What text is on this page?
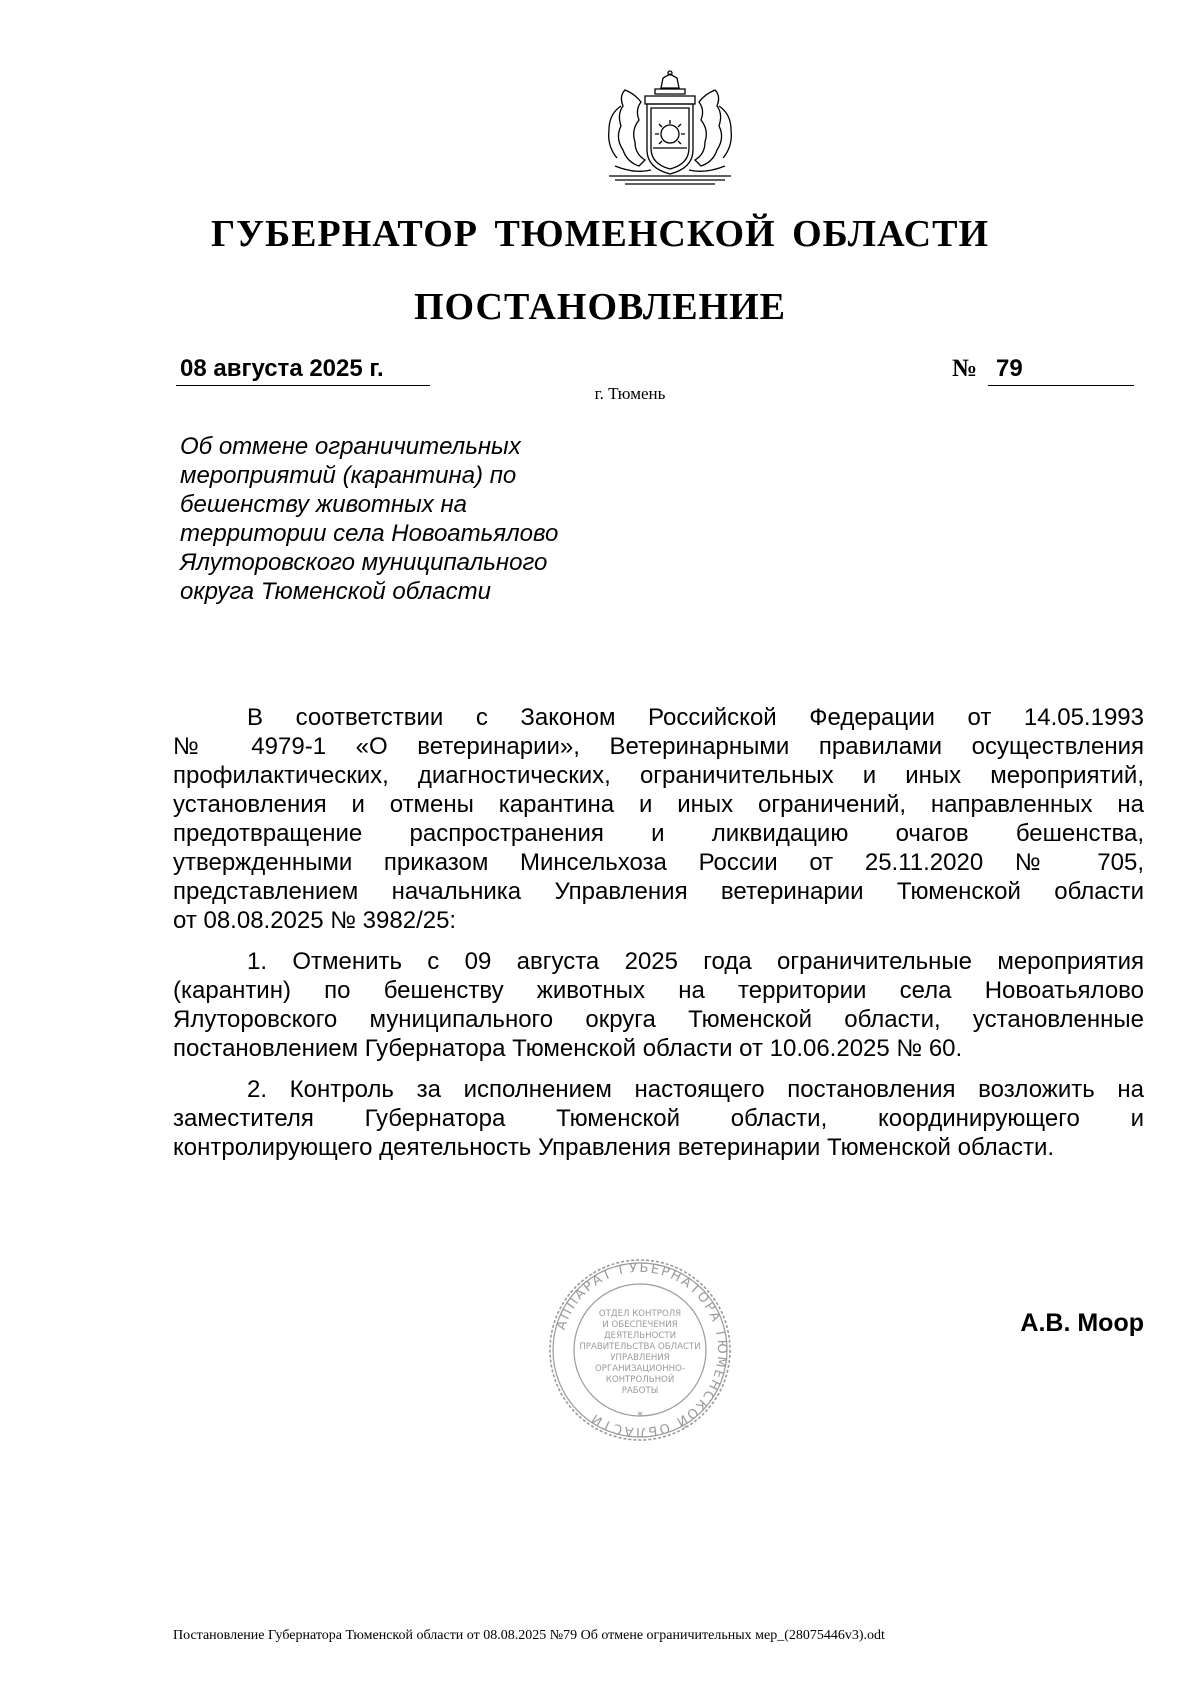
ГУБЕРНАТОР ТЮМЕНСКОЙ ОБЛАСТИ
ПОСТАНОВЛЕНИЕ
08 августа 2025 г.	№ 79
г. Тюмень
Об отмене ограничительных
мероприятий (карантина) по
бешенству животных на
территории села Новоатьялово
Ялуторовского муниципального
округа Тюменской области
В соответствии с Законом Российской Федерации от 14.05.1993
№ 4979-1 «О ветеринарии», Ветеринарными правилами осуществления
профилактических, диагностических, ограничительных и иных мероприятий,
установления и отмены карантина и иных ограничений, направленных на
предотвращение распространения и ликвидацию очагов бешенства,
утвержденными приказом Минсельхоза России от 25.11.2020 № 705,
представлением начальника Управления ветеринарии Тюменской области
от 08.08.2025 № 3982/25:
1. Отменить с 09 августа 2025 года ограничительные мероприятия
(карантин) по бешенству животных на территории села Новоатьялово
Ялуторовского муниципального округа Тюменской области, установленные
постановлением Губернатора Тюменской области от 10.06.2025 № 60.
2. Контроль за исполнением настоящего постановления возложить на
заместителя Губернатора Тюменской области, координирующего и
контролирующего деятельность Управления ветеринарии Тюменской области.
АППАРАТ ГУБЕРНАТОРА ТЮМЕНСКОЙ ОБЛАСТИ	*
ОТДЕЛ КОНТРОЛЯ
И ОБЕСПЕЧЕНИЯ
ДЕЯТЕЛЬНОСТИ
ПРАВИТЕЛЬСТВА ОБЛАСТИ
УПРАВЛЕНИЯ
ОРГАНИЗАЦИОННО-
КОНТРОЛЬНОЙ
РАБОТЫ
А.В. Моор
Постановление Губернатора Тюменской области от 08.08.2025 №79 Об отмене ограничительных мер_(28075446v3).odt
